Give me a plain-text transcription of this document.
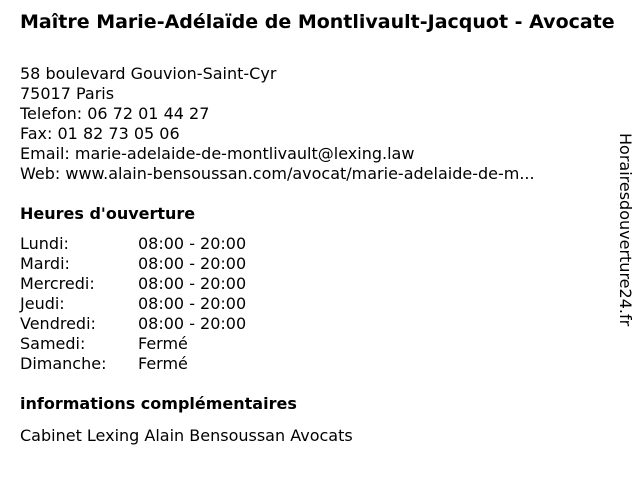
Maître Marie-Adélaïde de Montlivault-Jacquot - Avocate
58 boulevard Gouvion-Saint-Cyr
75017 Paris
Telefon: 06 72 01 44 27
Fax: 01 82 73 05 06
Email: marie-adelaide-de-montlivault@lexing.law
Web: www.alain-bensoussan.com/avocat/marie-adelaide-de-m...
Heures d'ouverture
Lundi:	08:00 - 20:00
Mardi:	08:00 - 20:00
Mercredi:	08:00 - 20:00
Jeudi:	08:00 - 20:00
Vendredi:	08:00 - 20:00
Samedi:	Fermé
Dimanche:	Fermé
informations complémentaires
Cabinet Lexing Alain Bensoussan Avocats
Horairesdouverture24.fr
